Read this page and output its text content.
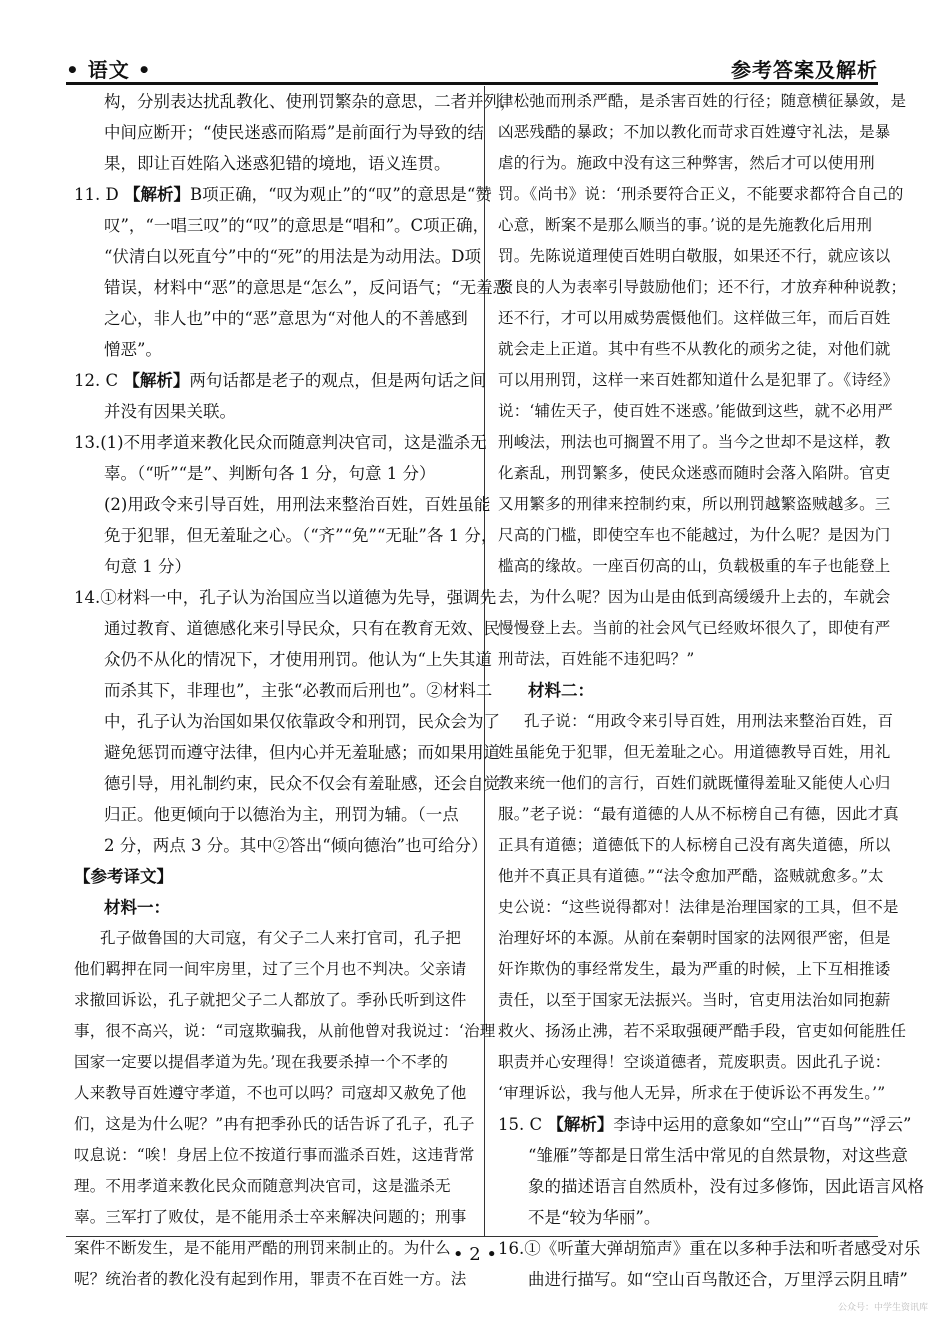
• 语文 •	参考答案及解析
构，分别表达扰乱教化、使刑罚繁杂的意思，二者并列，
中间应断开；“使民迷惑而陷焉”是前面行为导致的结
果，即让百姓陷入迷惑犯错的境地，语义连贯。
11. D 【解析】B项正确，“叹为观止”的“叹”的意思是“赞
叹”，“一唱三叹”的“叹”的意思是“唱和”。C项正确，
“伏清白以死直兮”中的“死”的用法是为动用法。D项
错误，材料中“恶”的意思是“怎么”，反问语气；“无羞恶
之心，非人也”中的“恶”意思为“对他人的不善感到
憎恶”。
12. C 【解析】两句话都是老子的观点，但是两句话之间
并没有因果关联。
13.(1)不用孝道来教化民众而随意判决官司，这是滥杀无
辜。（“听”“是”、判断句各 1 分，句意 1 分）
(2)用政令来引导百姓，用刑法来整治百姓，百姓虽能
免于犯罪，但无羞耻之心。（“齐”“免”“无耻”各 1 分，
句意 1 分）
14.①材料一中，孔子认为治国应当以道德为先导，强调先
通过教育、道德感化来引导民众，只有在教育无效、民
众仍不从化的情况下，才使用刑罚。他认为“上失其道
而杀其下，非理也”，主张“必教而后刑也”。②材料二
中，孔子认为治国如果仅依靠政令和刑罚，民众会为了
避免惩罚而遵守法律，但内心并无羞耻感；而如果用道
德引导，用礼制约束，民众不仅会有羞耻感，还会自觉
归正。他更倾向于以德治为主，刑罚为辅。（一点
2 分，两点 3 分。其中②答出“倾向德治”也可给分）
【参考译文】
材料一：
孔子做鲁国的大司寇，有父子二人来打官司，孔子把
他们羁押在同一间牢房里，过了三个月也不判决。父亲请
求撤回诉讼，孔子就把父子二人都放了。季孙氏听到这件
事，很不高兴，说：“司寇欺骗我，从前他曾对我说过：‘治理
国家一定要以提倡孝道为先。’现在我要杀掉一个不孝的
人来教导百姓遵守孝道，不也可以吗？司寇却又赦免了他
们，这是为什么呢？”冉有把季孙氏的话告诉了孔子，孔子
叹息说：“唉！身居上位不按道行事而滥杀百姓，这违背常
理。不用孝道来教化民众而随意判决官司，这是滥杀无
辜。三军打了败仗，是不能用杀士卒来解决问题的；刑事
案件不断发生，是不能用严酷的刑罚来制止的。为什么
呢？统治者的教化没有起到作用，罪责不在百姓一方。法
律松弛而刑杀严酷，是杀害百姓的行径；随意横征暴敛，是
凶恶残酷的暴政；不加以教化而苛求百姓遵守礼法，是暴
虐的行为。施政中没有这三种弊害，然后才可以使用刑
罚。《尚书》说：‘刑杀要符合正义，不能要求都符合自己的
心意，断案不是那么顺当的事。’说的是先施教化后用刑
罚。先陈说道理使百姓明白敬服，如果还不行，就应该以
贤良的人为表率引导鼓励他们；还不行，才放弃种种说教；
还不行，才可以用威势震慑他们。这样做三年，而后百姓
就会走上正道。其中有些不从教化的顽劣之徒，对他们就
可以用刑罚，这样一来百姓都知道什么是犯罪了。《诗经》
说：‘辅佐天子，使百姓不迷惑。’能做到这些，就不必用严
刑峻法，刑法也可搁置不用了。当今之世却不是这样，教
化紊乱，刑罚繁多，使民众迷惑而随时会落入陷阱。官吏
又用繁多的刑律来控制约束，所以刑罚越繁盗贼越多。三
尺高的门槛，即使空车也不能越过，为什么呢？是因为门
槛高的缘故。一座百仞高的山，负载极重的车子也能登上
去，为什么呢？因为山是由低到高缓缓升上去的，车就会
慢慢登上去。当前的社会风气已经败坏很久了，即使有严
刑苛法，百姓能不违犯吗？”
材料二：
孔子说：“用政令来引导百姓，用刑法来整治百姓，百
姓虽能免于犯罪，但无羞耻之心。用道德教导百姓，用礼
教来统一他们的言行，百姓们就既懂得羞耻又能使人心归
服。”老子说：“最有道德的人从不标榜自己有德，因此才真
正具有道德；道德低下的人标榜自己没有离失道德，所以
他并不真正具有道德。”“法令愈加严酷，盗贼就愈多。”太
史公说：“这些说得都对！法律是治理国家的工具，但不是
治理好坏的本源。从前在秦朝时国家的法网很严密，但是
奸诈欺伪的事经常发生，最为严重的时候，上下互相推诿
责任，以至于国家无法振兴。当时，官吏用法治如同抱薪
救火、扬汤止沸，若不采取强硬严酷手段，官吏如何能胜任
职责并心安理得！空谈道德者，荒废职责。因此孔子说：
‘审理诉讼，我与他人无异，所求在于使诉讼不再发生。’”
15. C 【解析】李诗中运用的意象如“空山”“百鸟”“浮云”
“雏雁”等都是日常生活中常见的自然景物，对这些意
象的描述语言自然质朴，没有过多修饰，因此语言风格
不是“较为华丽”。
16.①《听董大弹胡笳声》重在以多种手法和听者感受对乐
曲进行描写。如“空山百鸟散还合，万里浮云阴且晴”
• 2 •
公众号：中学生资讯库
